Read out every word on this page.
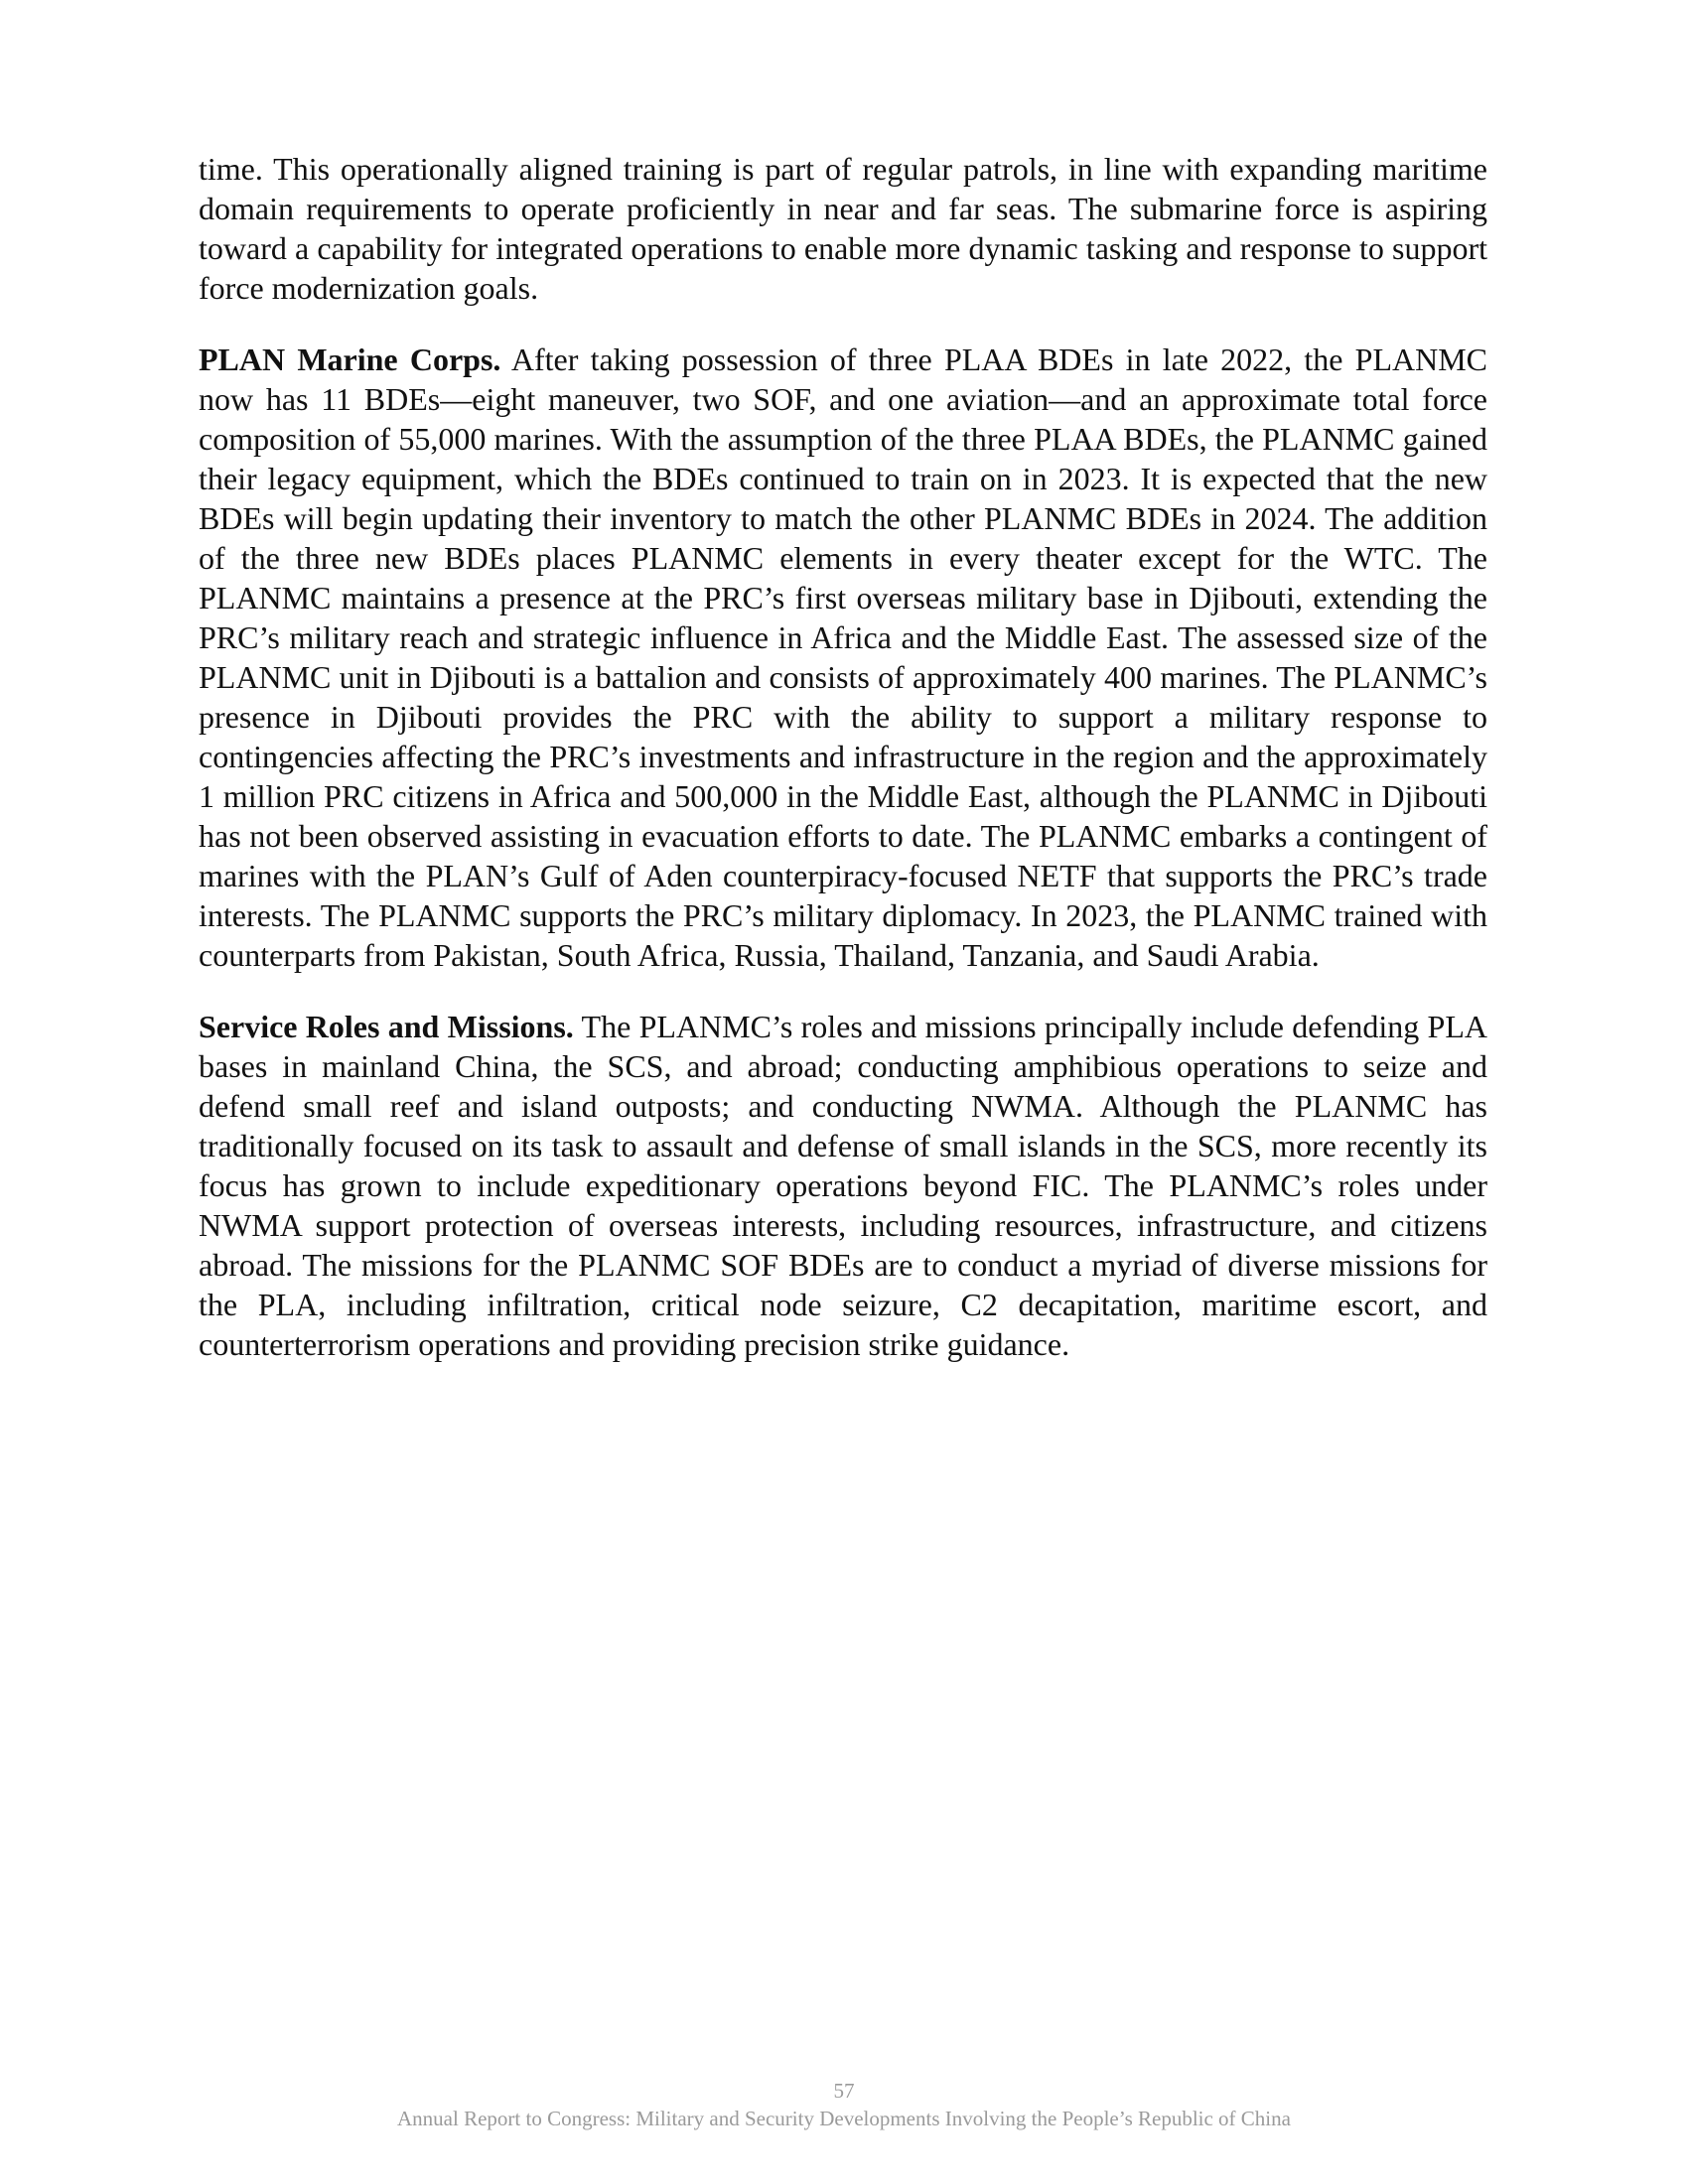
time. This operationally aligned training is part of regular patrols, in line with expanding maritime domain requirements to operate proficiently in near and far seas. The submarine force is aspiring toward a capability for integrated operations to enable more dynamic tasking and response to support force modernization goals.

PLAN Marine Corps. After taking possession of three PLAA BDEs in late 2022, the PLANMC now has 11 BDEs—eight maneuver, two SOF, and one aviation—and an approximate total force composition of 55,000 marines. With the assumption of the three PLAA BDEs, the PLANMC gained their legacy equipment, which the BDEs continued to train on in 2023. It is expected that the new BDEs will begin updating their inventory to match the other PLANMC BDEs in 2024. The addition of the three new BDEs places PLANMC elements in every theater except for the WTC. The PLANMC maintains a presence at the PRC’s first overseas military base in Djibouti, extending the PRC’s military reach and strategic influence in Africa and the Middle East. The assessed size of the PLANMC unit in Djibouti is a battalion and consists of approximately 400 marines. The PLANMC’s presence in Djibouti provides the PRC with the ability to support a military response to contingencies affecting the PRC’s investments and infrastructure in the region and the approximately 1 million PRC citizens in Africa and 500,000 in the Middle East, although the PLANMC in Djibouti has not been observed assisting in evacuation efforts to date. The PLANMC embarks a contingent of marines with the PLAN’s Gulf of Aden counterpiracy-focused NETF that supports the PRC’s trade interests. The PLANMC supports the PRC’s military diplomacy. In 2023, the PLANMC trained with counterparts from Pakistan, South Africa, Russia, Thailand, Tanzania, and Saudi Arabia.

Service Roles and Missions. The PLANMC’s roles and missions principally include defending PLA bases in mainland China, the SCS, and abroad; conducting amphibious operations to seize and defend small reef and island outposts; and conducting NWMA. Although the PLANMC has traditionally focused on its task to assault and defense of small islands in the SCS, more recently its focus has grown to include expeditionary operations beyond FIC. The PLANMC’s roles under NWMA support protection of overseas interests, including resources, infrastructure, and citizens abroad. The missions for the PLANMC SOF BDEs are to conduct a myriad of diverse missions for the PLA, including infiltration, critical node seizure, C2 decapitation, maritime escort, and counterterrorism operations and providing precision strike guidance.

57
Annual Report to Congress: Military and Security Developments Involving the People’s Republic of China
